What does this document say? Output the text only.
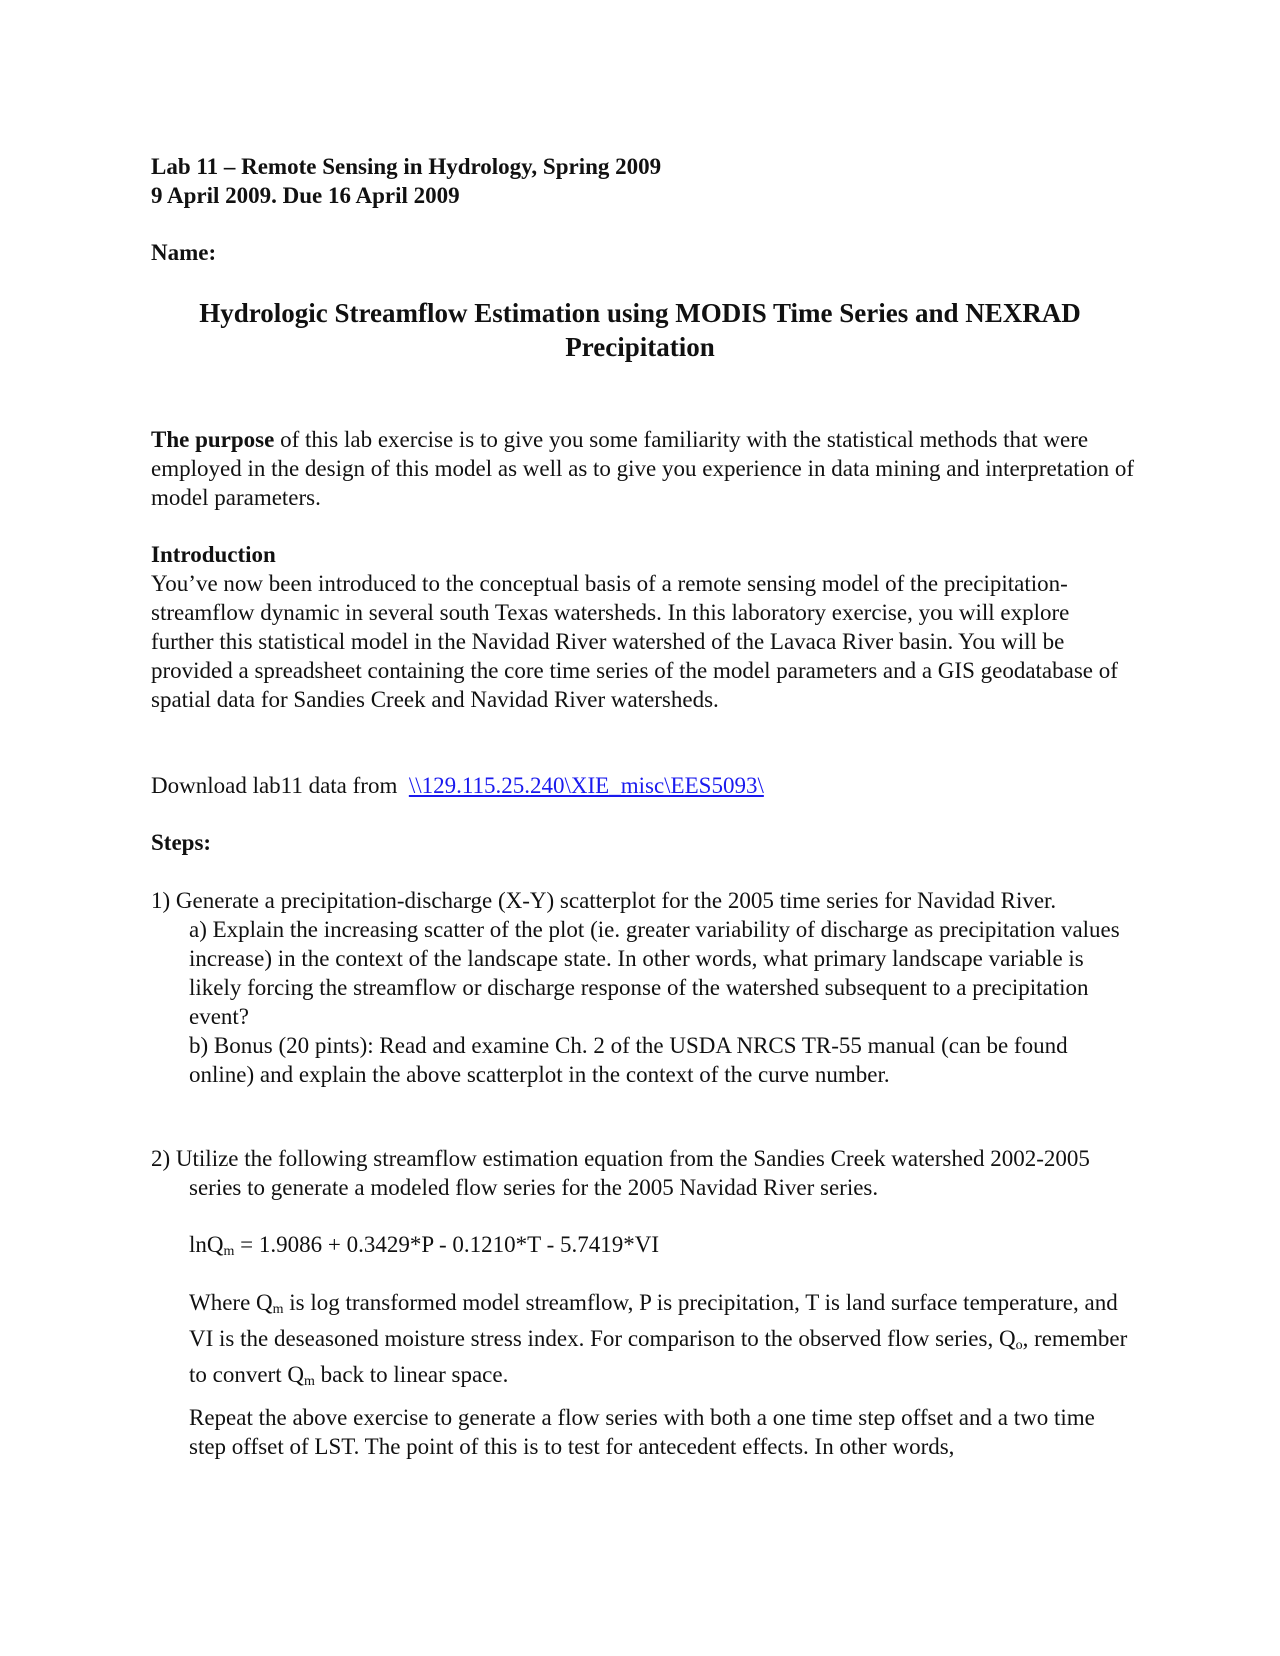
Lab 11 – Remote Sensing in Hydrology, Spring 2009

9 April 2009. Due 16 April 2009

Name:

Hydrologic Streamflow Estimation using MODIS Time Series and NEXRAD
Precipitation

The purpose of this lab exercise is to give you some familiarity with the statistical methods that were employed in the design of this model as well as to give you experience in data mining and interpretation of model parameters.

Introduction

You’ve now been introduced to the conceptual basis of a remote sensing model of the precipitation-streamflow dynamic in several south Texas watersheds. In this laboratory exercise, you will explore further this statistical model in the Navidad River watershed of the Lavaca River basin. You will be provided a spreadsheet containing the core time series of the model parameters and a GIS geodatabase of spatial data for Sandies Creek and Navidad River watersheds.

Download lab11 data from  \\129.115.25.240\XIE_misc\EES5093\

Steps:

1) Generate a precipitation-discharge (X-Y) scatterplot for the 2005 time series for Navidad River.

a) Explain the increasing scatter of the plot (ie. greater variability of discharge as precipitation values increase) in the context of the landscape state. In other words, what primary landscape variable is likely forcing the streamflow or discharge response of the watershed subsequent to a precipitation event?

b) Bonus (20 pints): Read and examine Ch. 2 of the USDA NRCS TR-55 manual (can be found online) and explain the above scatterplot in the context of the curve number.

2) Utilize the following streamflow estimation equation from the Sandies Creek watershed 2002-2005 series to generate a modeled flow series for the 2005 Navidad River series.

lnQ$_m$ = 1.9086 + 0.3429*P - 0.1210*T - 5.7419*VI

Where $Q_m$ is log transformed model streamflow, P is precipitation, T is land surface temperature, and VI is the deseasoned moisture stress index. For comparison to the observed flow series, $Q_o$, remember to convert $Q_m$ back to linear space.

Repeat the above exercise to generate a flow series with both a one time step offset and a two time step offset of LST. The point of this is to test for antecedent effects. In other words,
